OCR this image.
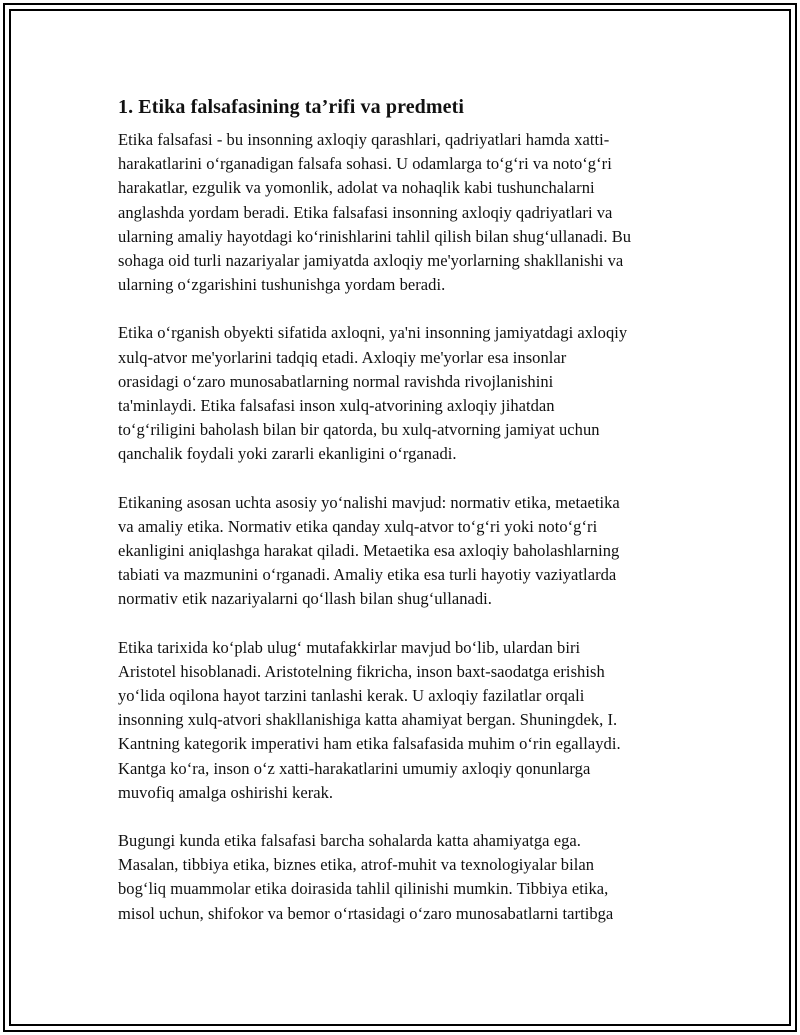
1. Etika falsafasining ta’rifi va predmeti

Etika falsafasi - bu insonning axloqiy qarashlari, qadriyatlari hamda xatti-
harakatlarini o‘rganadigan falsafa sohasi. U odamlarga to‘g‘ri va noto‘g‘ri
harakatlar, ezgulik va yomonlik, adolat va nohaqlik kabi tushunchalarni
anglashda yordam beradi. Etika falsafasi insonning axloqiy qadriyatlari va
ularning amaliy hayotdagi ko‘rinishlarini tahlil qilish bilan shug‘ullanadi. Bu
sohaga oid turli nazariyalar jamiyatda axloqiy me'yorlarning shakllanishi va
ularning o‘zgarishini tushunishga yordam beradi.

Etika o‘rganish obyekti sifatida axloqni, ya'ni insonning jamiyatdagi axloqiy
xulq-atvor me'yorlarini tadqiq etadi. Axloqiy me'yorlar esa insonlar
orasidagi o‘zaro munosabatlarning normal ravishda rivojlanishini
ta'minlaydi. Etika falsafasi inson xulq-atvorining axloqiy jihatdan
to‘g‘riligini baholash bilan bir qatorda, bu xulq-atvorning jamiyat uchun
qanchalik foydali yoki zararli ekanligini o‘rganadi.

Etikaning asosan uchta asosiy yo‘nalishi mavjud: normativ etika, metaetika
va amaliy etika. Normativ etika qanday xulq-atvor to‘g‘ri yoki noto‘g‘ri
ekanligini aniqlashga harakat qiladi. Metaetika esa axloqiy baholashlarning
tabiati va mazmunini o‘rganadi. Amaliy etika esa turli hayotiy vaziyatlarda
normativ etik nazariyalarni qo‘llash bilan shug‘ullanadi.

Etika tarixida ko‘plab ulug‘ mutafakkirlar mavjud bo‘lib, ulardan biri
Aristotel hisoblanadi. Aristotelning fikricha, inson baxt-saodatga erishish
yo‘lida oqilona hayot tarzini tanlashi kerak. U axloqiy fazilatlar orqali
insonning xulq-atvori shakllanishiga katta ahamiyat bergan. Shuningdek, I.
Kantning kategorik imperativi ham etika falsafasida muhim o‘rin egallaydi.
Kantga ko‘ra, inson o‘z xatti-harakatlarini umumiy axloqiy qonunlarga
muvofiq amalga oshirishi kerak.

Bugungi kunda etika falsafasi barcha sohalarda katta ahamiyatga ega.
Masalan, tibbiya etika, biznes etika, atrof-muhit va texnologiyalar bilan
bog‘liq muammolar etika doirasida tahlil qilinishi mumkin. Tibbiya etika,
misol uchun, shifokor va bemor o‘rtasidagi o‘zaro munosabatlarni tartibga
